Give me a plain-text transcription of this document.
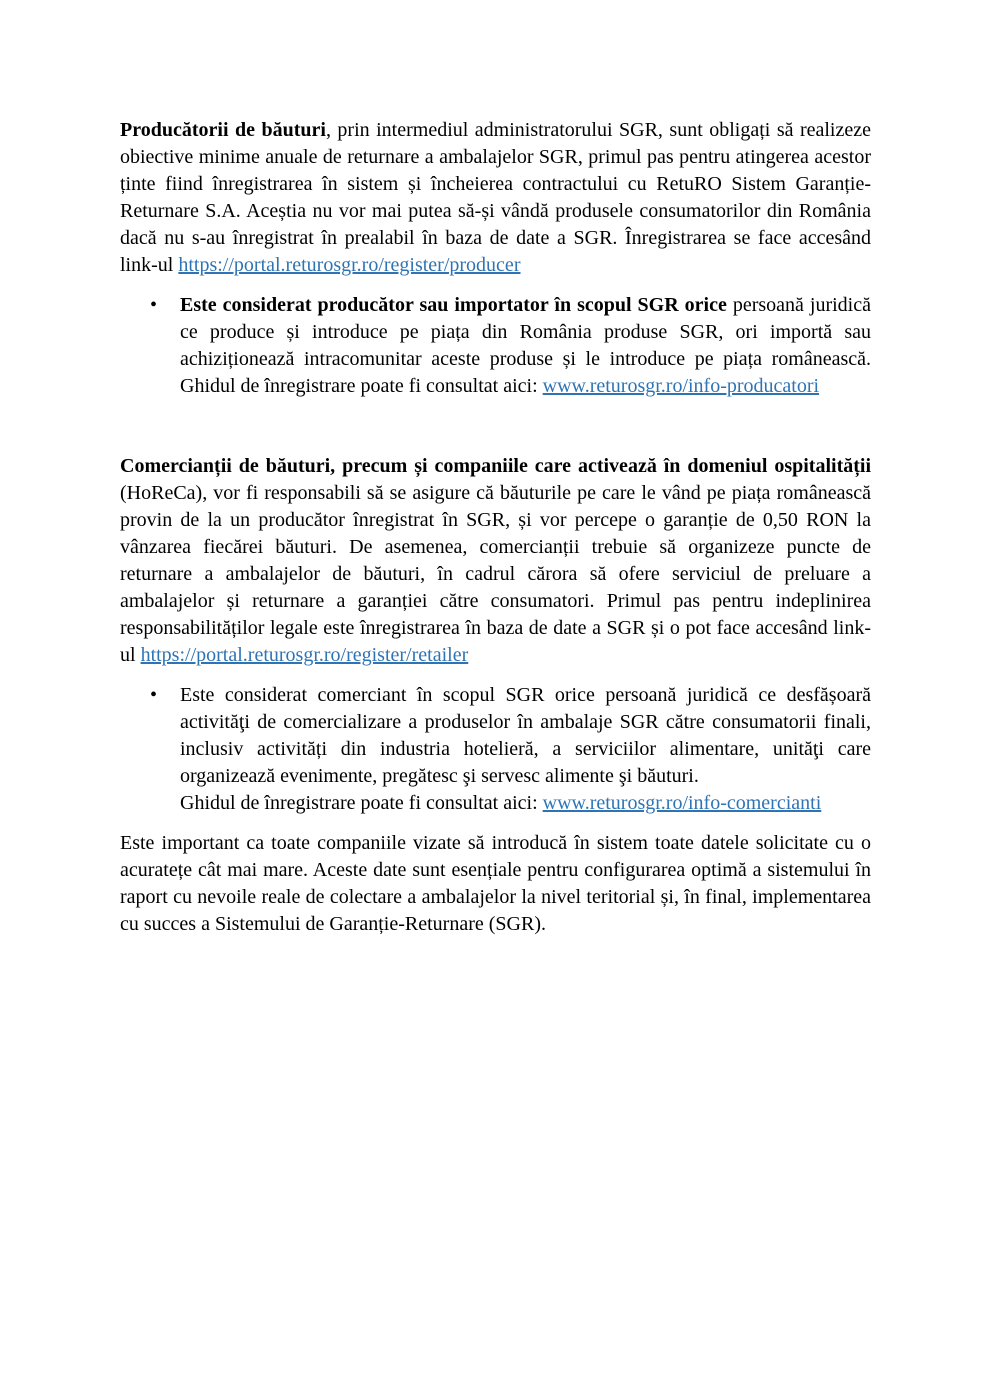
Producătorii de băuturi, prin intermediul administratorului SGR, sunt obligați să realizeze obiective minime anuale de returnare a ambalajelor SGR, primul pas pentru atingerea acestor ținte fiind înregistrarea în sistem și încheierea contractului cu RetuRO Sistem Garanție-Returnare S.A. Aceștia nu vor mai putea să-și vândă produsele consumatorilor din România dacă nu s-au înregistrat în prealabil în baza de date a SGR. Înregistrarea se face accesând link-ul https://portal.returosgr.ro/register/producer

• Este considerat producător sau importator în scopul SGR orice persoană juridică ce produce și introduce pe piața din România produse SGR, ori importă sau achiziționează intracomunitar aceste produse și le introduce pe piața românească. Ghidul de înregistrare poate fi consultat aici: www.returosgr.ro/info-producatori

Comercianții de băuturi, precum și companiile care activează în domeniul ospitalității (HoReCa), vor fi responsabili să se asigure că băuturile pe care le vând pe piața românească provin de la un producător înregistrat în SGR, și vor percepe o garanție de 0,50 RON la vânzarea fiecărei băuturi. De asemenea, comercianții trebuie să organizeze puncte de returnare a ambalajelor de băuturi, în cadrul cărora să ofere serviciul de preluare a ambalajelor și returnare a garanției către consumatori. Primul pas pentru indeplinirea responsabilităților legale este înregistrarea în baza de date a SGR și o pot face accesând link-ul https://portal.returosgr.ro/register/retailer

• Este considerat comerciant în scopul SGR orice persoană juridică ce desfășoară activităţi de comercializare a produselor în ambalaje SGR către consumatorii finali, inclusiv activități din industria hotelieră, a serviciilor alimentare, unităţi care organizează evenimente, pregătesc şi servesc alimente şi băuturi.
Ghidul de înregistrare poate fi consultat aici: www.returosgr.ro/info-comercianti

Este important ca toate companiile vizate să introducă în sistem toate datele solicitate cu o acuratețe cât mai mare. Aceste date sunt esențiale pentru configurarea optimă a sistemului în raport cu nevoile reale de colectare a ambalajelor la nivel teritorial și, în final, implementarea cu succes a Sistemului de Garanție-Returnare (SGR).
